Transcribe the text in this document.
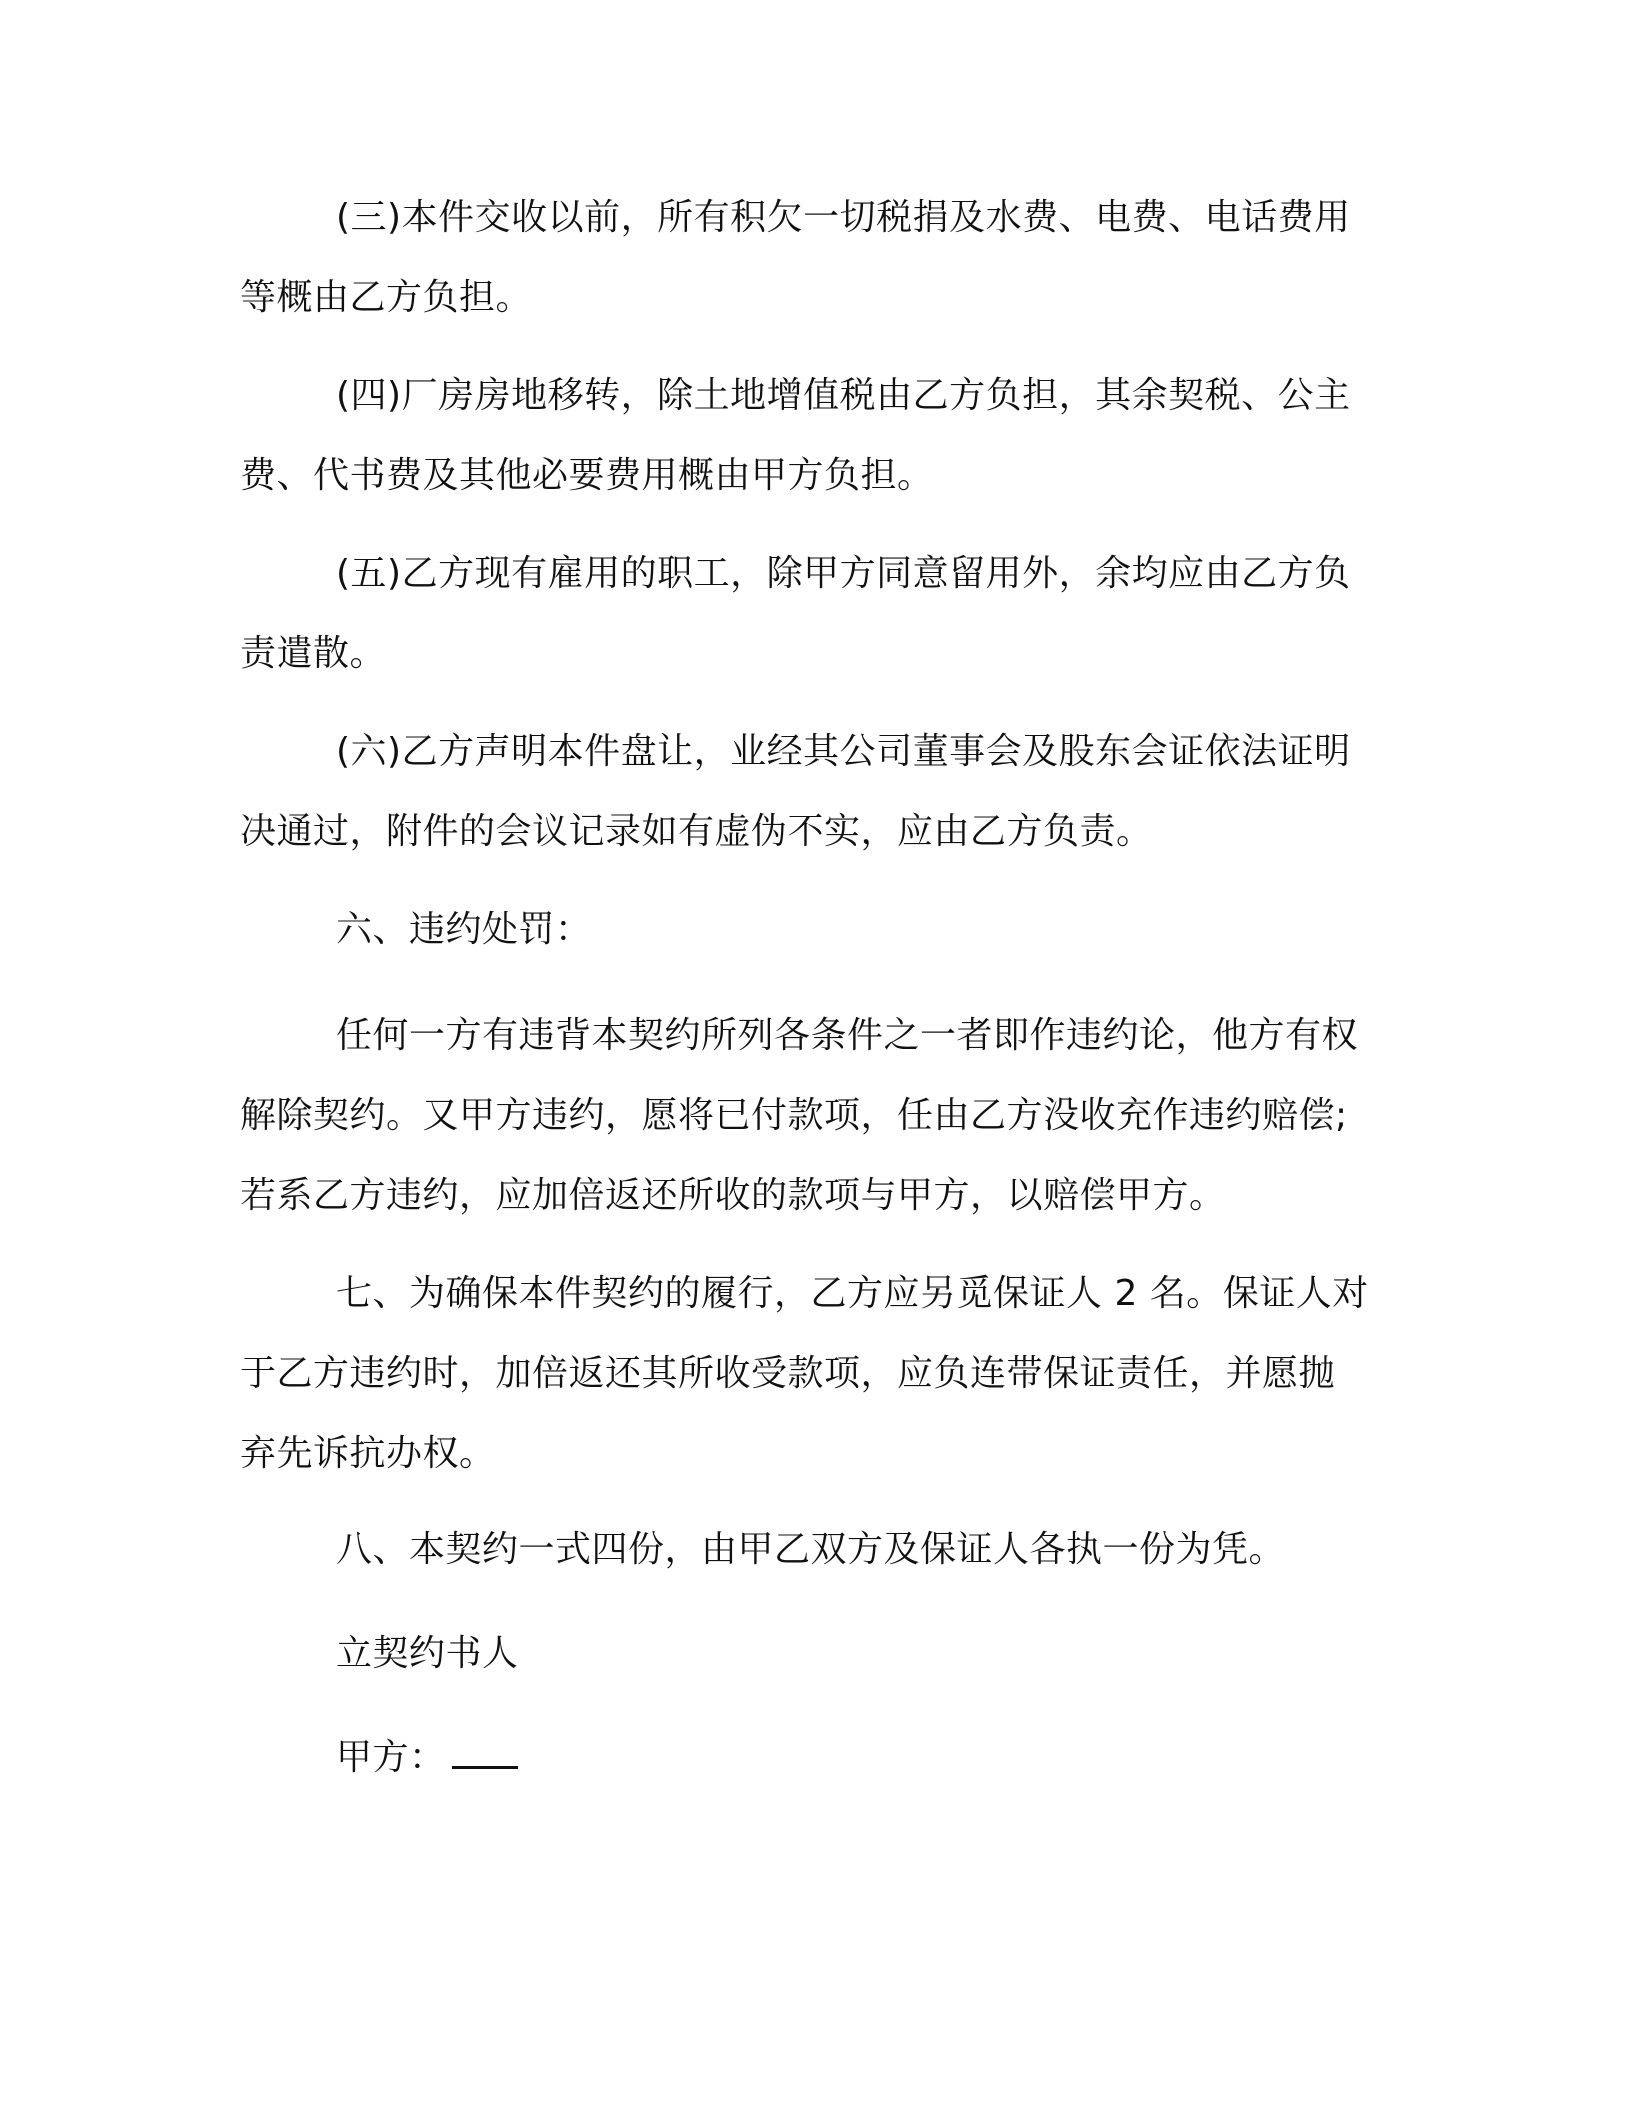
(三)本件交收以前，所有积欠一切税捐及水费、电费、电话费用
等概由乙方负担。
(四)厂房房地移转，除土地增值税由乙方负担，其余契税、公主
费、代书费及其他必要费用概由甲方负担。
(五)乙方现有雇用的职工，除甲方同意留用外，余均应由乙方负
责遣散。
(六)乙方声明本件盘让，业经其公司董事会及股东会证依法证明
决通过，附件的会议记录如有虚伪不实，应由乙方负责。
六、违约处罚：
任何一方有违背本契约所列各条件之一者即作违约论，他方有权
解除契约。又甲方违约，愿将已付款项，任由乙方没收充作违约赔偿;
若系乙方违约，应加倍返还所收的款项与甲方，以赔偿甲方。
七、为确保本件契约的履行，乙方应另觅保证人 2 名。保证人对
于乙方违约时，加倍返还其所收受款项，应负连带保证责任，并愿抛
弃先诉抗办权。
八、本契约一式四份，由甲乙双方及保证人各执一份为凭。
立契约书人
甲方：
